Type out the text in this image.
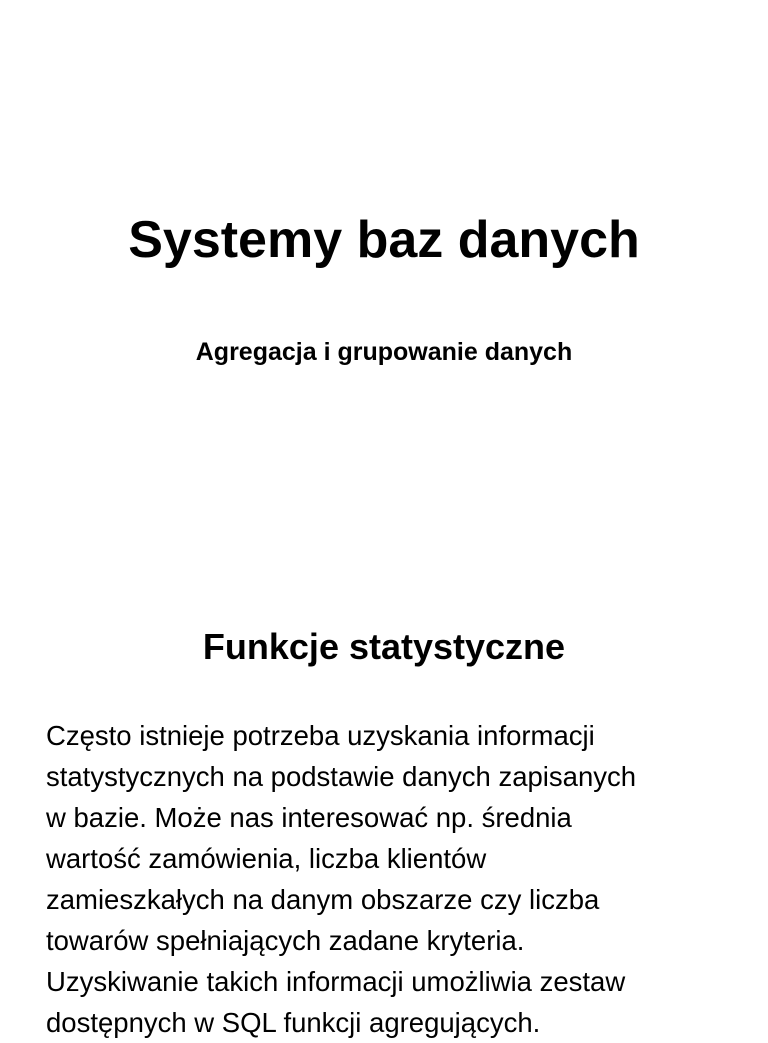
Systemy baz danych
Agregacja i grupowanie danych
Funkcje statystyczne
Często istnieje potrzeba uzyskania informacji
statystycznych na podstawie danych zapisanych
w bazie. Może nas interesować np. średnia
wartość zamówienia, liczba klientów
zamieszkałych na danym obszarze czy liczba
towarów spełniających zadane kryteria.
Uzyskiwanie takich informacji umożliwia zestaw
dostępnych w SQL funkcji agregujących.
